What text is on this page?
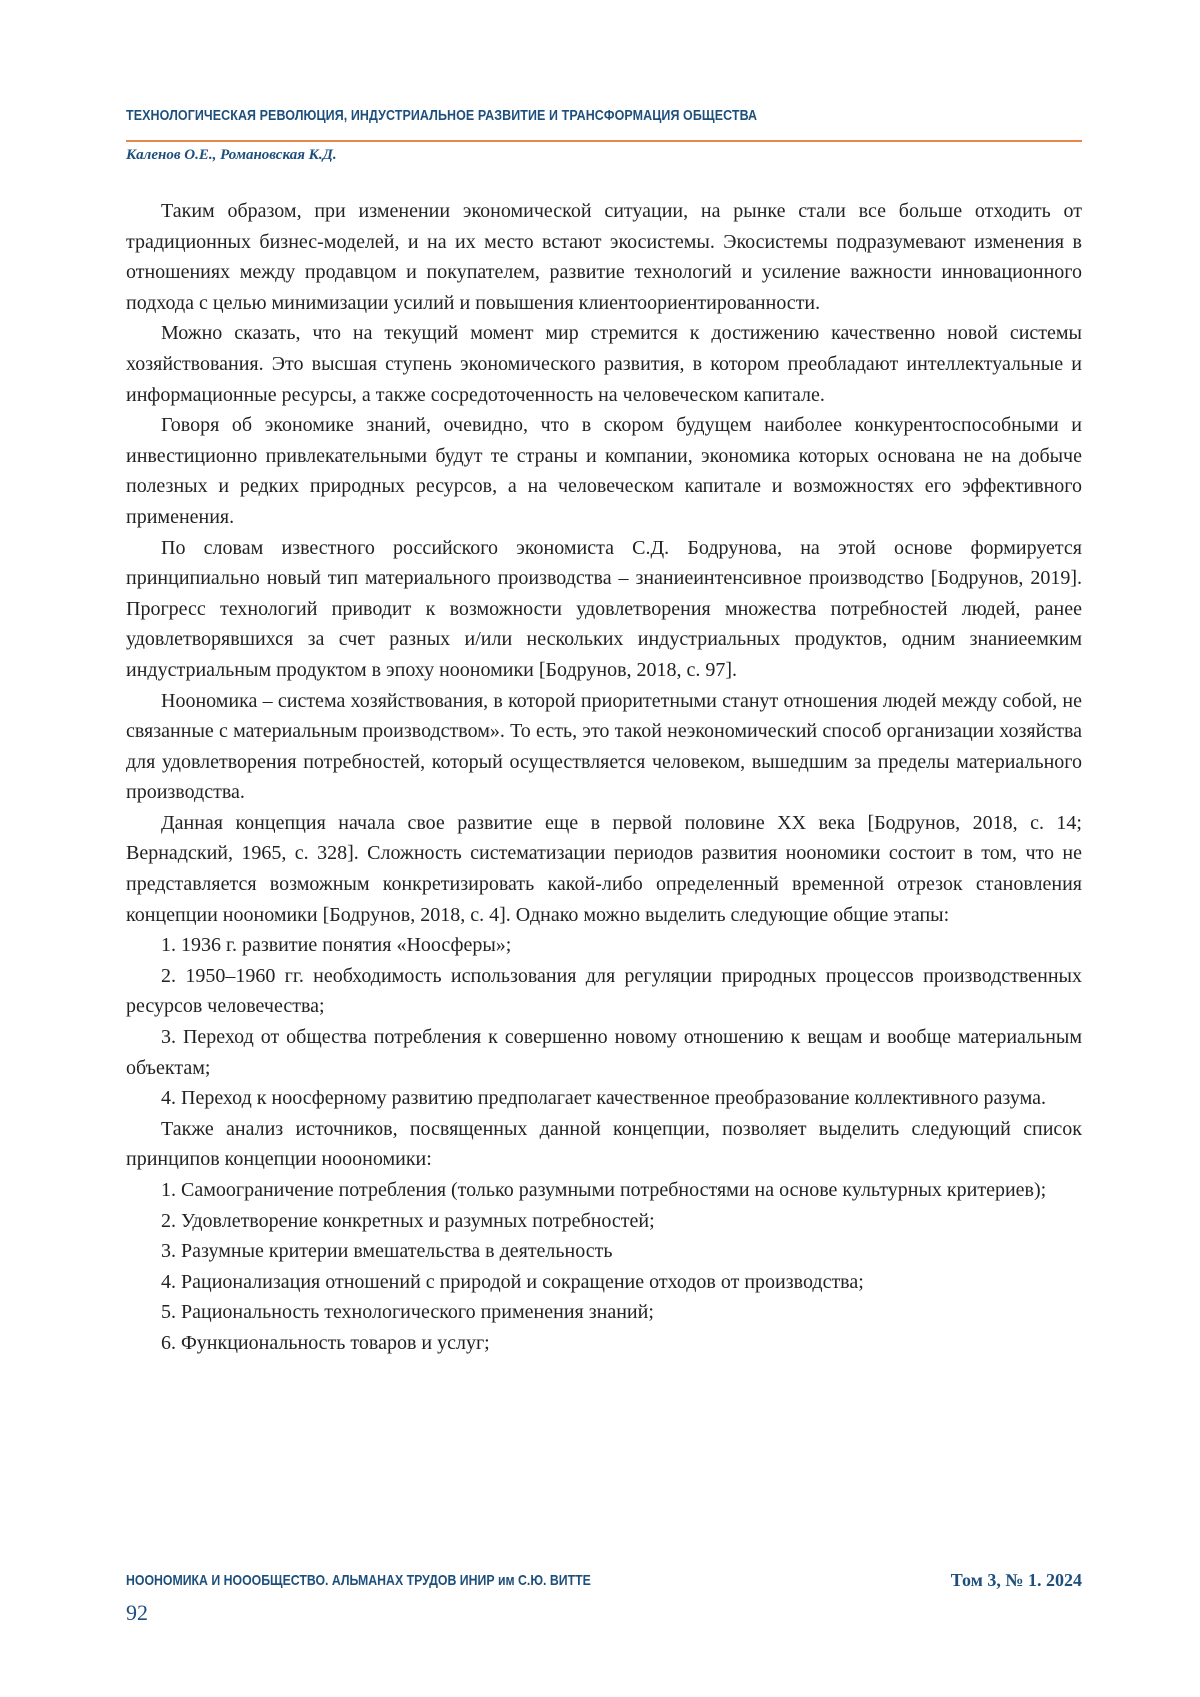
ТЕХНОЛОГИЧЕСКАЯ РЕВОЛЮЦИЯ, ИНДУСТРИАЛЬНОЕ РАЗВИТИЕ И ТРАНСФОРМАЦИЯ ОБЩЕСТВА
Каленов О.Е., Романовская К.Д.

Таким образом, при изменении экономической ситуации, на рынке стали все больше отходить от традиционных бизнес-моделей, и на их место встают экосистемы. Экосистемы подразумевают изменения в отношениях между продавцом и покупателем, развитие технологий и усиление важности инновационного подхода с целью минимизации усилий и повышения клиентоориентированности.

Можно сказать, что на текущий момент мир стремится к достижению качественно новой системы хозяйствования. Это высшая ступень экономического развития, в котором преобладают интеллектуальные и информационные ресурсы, а также сосредоточенность на человеческом капитале.

Говоря об экономике знаний, очевидно, что в скором будущем наиболее конкурентоспособными и инвестиционно привлекательными будут те страны и компании, экономика которых основана не на добыче полезных и редких природных ресурсов, а на человеческом капитале и возможностях его эффективного применения.

По словам известного российского экономиста С.Д. Бодрунова, на этой основе формируется принципиально новый тип материального производства – знаниеинтенсивное производство [Бодрунов, 2019]. Прогресс технологий приводит к возможности удовлетворения множества потребностей людей, ранее удовлетворявшихся за счет разных и/или нескольких индустриальных продуктов, одним знаниеемким индустриальным продуктом в эпоху ноономики [Бодрунов, 2018, с. 97].

Ноономика – система хозяйствования, в которой приоритетными станут отношения людей между собой, не связанные с материальным производством». То есть, это такой неэкономический способ организации хозяйства для удовлетворения потребностей, который осуществляется человеком, вышедшим за пределы материального производства.

Данная концепция начала свое развитие еще в первой половине XX века [Бодрунов, 2018, с. 14; Вернадский, 1965, с. 328]. Сложность систематизации периодов развития ноономики состоит в том, что не представляется возможным конкретизировать какой-либо определенный временной отрезок становления концепции ноономики [Бодрунов, 2018, с. 4]. Однако можно выделить следующие общие этапы:

1. 1936 г. развитие понятия «Ноосферы»;

2. 1950–1960 гг. необходимость использования для регуляции природных процессов производственных ресурсов человечества;

3. Переход от общества потребления к совершенно новому отношению к вещам и вообще материальным объектам;

4. Переход к ноосферному развитию предполагает качественное преобразование коллективного разума.

Также анализ источников, посвященных данной концепции, позволяет выделить следующий список принципов концепции нооономики:

1. Самоограничение потребления (только разумными потребностями на основе культурных критериев);

2. Удовлетворение конкретных и разумных потребностей;

3. Разумные критерии вмешательства в деятельность

4. Рационализация отношений с природой и сокращение отходов от производства;

5. Рациональность технологического применения знаний;

6. Функциональность товаров и услуг;

НООНОМИКА И НОООБЩЕСТВО. АЛЬМАНАХ ТРУДОВ ИНИР им С.Ю. ВИТТЕ	Том 3, № 1. 2024
92
